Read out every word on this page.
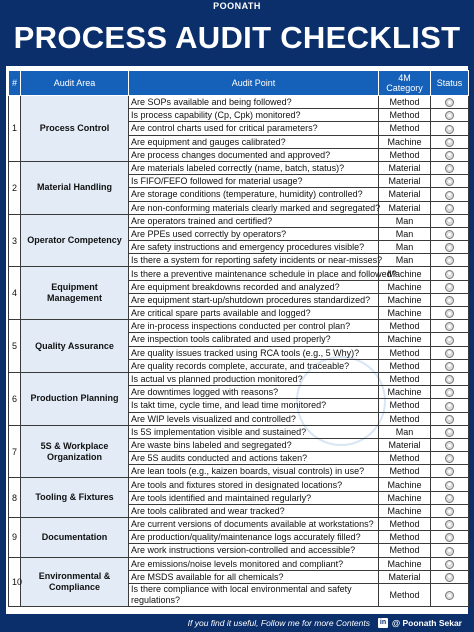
POONATH
PROCESS AUDIT CHECKLIST
#	Audit Area	Audit Point	4M Category	Status
1	Process Control	Are SOPs available and being followed?	Method	
		Is process capability (Cp, Cpk) monitored?	Method	
		Are control charts used for critical parameters?	Method	
		Are equipment and gauges calibrated?	Machine	
		Are process changes documented and approved?	Method	
2	Material Handling	Are materials labeled correctly (name, batch, status)?	Material	
		Is FIFO/FEFO followed for material usage?	Material	
		Are storage conditions (temperature, humidity) controlled?	Material	
		Are non-conforming materials clearly marked and segregated?	Material	
3	Operator Competency	Are operators trained and certified?	Man	
		Are PPEs used correctly by operators?	Man	
		Are safety instructions and emergency procedures visible?	Man	
		Is there a system for reporting safety incidents or near-misses?	Man	
4	Equipment Management	Is there a preventive maintenance schedule in place and followed?	Machine	
		Are equipment breakdowns recorded and analyzed?	Machine	
		Are equipment start-up/shutdown procedures standardized?	Machine	
		Are critical spare parts available and logged?	Machine	
5	Quality Assurance	Are in-process inspections conducted per control plan?	Method	
		Are inspection tools calibrated and used properly?	Machine	
		Are quality issues tracked using RCA tools (e.g., 5 Why)?	Method	
		Are quality records complete, accurate, and traceable?	Method	
6	Production Planning	Is actual vs planned production monitored?	Method	
		Are downtimes logged with reasons?	Machine	
		Is takt time, cycle time, and lead time monitored?	Method	
		Are WIP levels visualized and controlled?	Method	
7	5S & Workplace Organization	Is 5S implementation visible and sustained?	Man	
		Are waste bins labeled and segregated?	Material	
		Are 5S audits conducted and actions taken?	Method	
		Are lean tools (e.g., kaizen boards, visual controls) in use?	Method	
8	Tooling & Fixtures	Are tools and fixtures stored in designated locations?	Machine	
		Are tools identified and maintained regularly?	Machine	
		Are tools calibrated and wear tracked?	Machine	
9	Documentation	Are current versions of documents available at workstations?	Method	
		Are production/quality/maintenance logs accurately filled?	Method	
		Are work instructions version-controlled and accessible?	Method	
10	Environmental & Compliance	Are emissions/noise levels monitored and compliant?	Machine	
		Are MSDS available for all chemicals?	Material	
		Is there compliance with local environmental and safety regulations?	Method	
If you find it useful, Follow me for more Contents in @ Poonath Sekar
